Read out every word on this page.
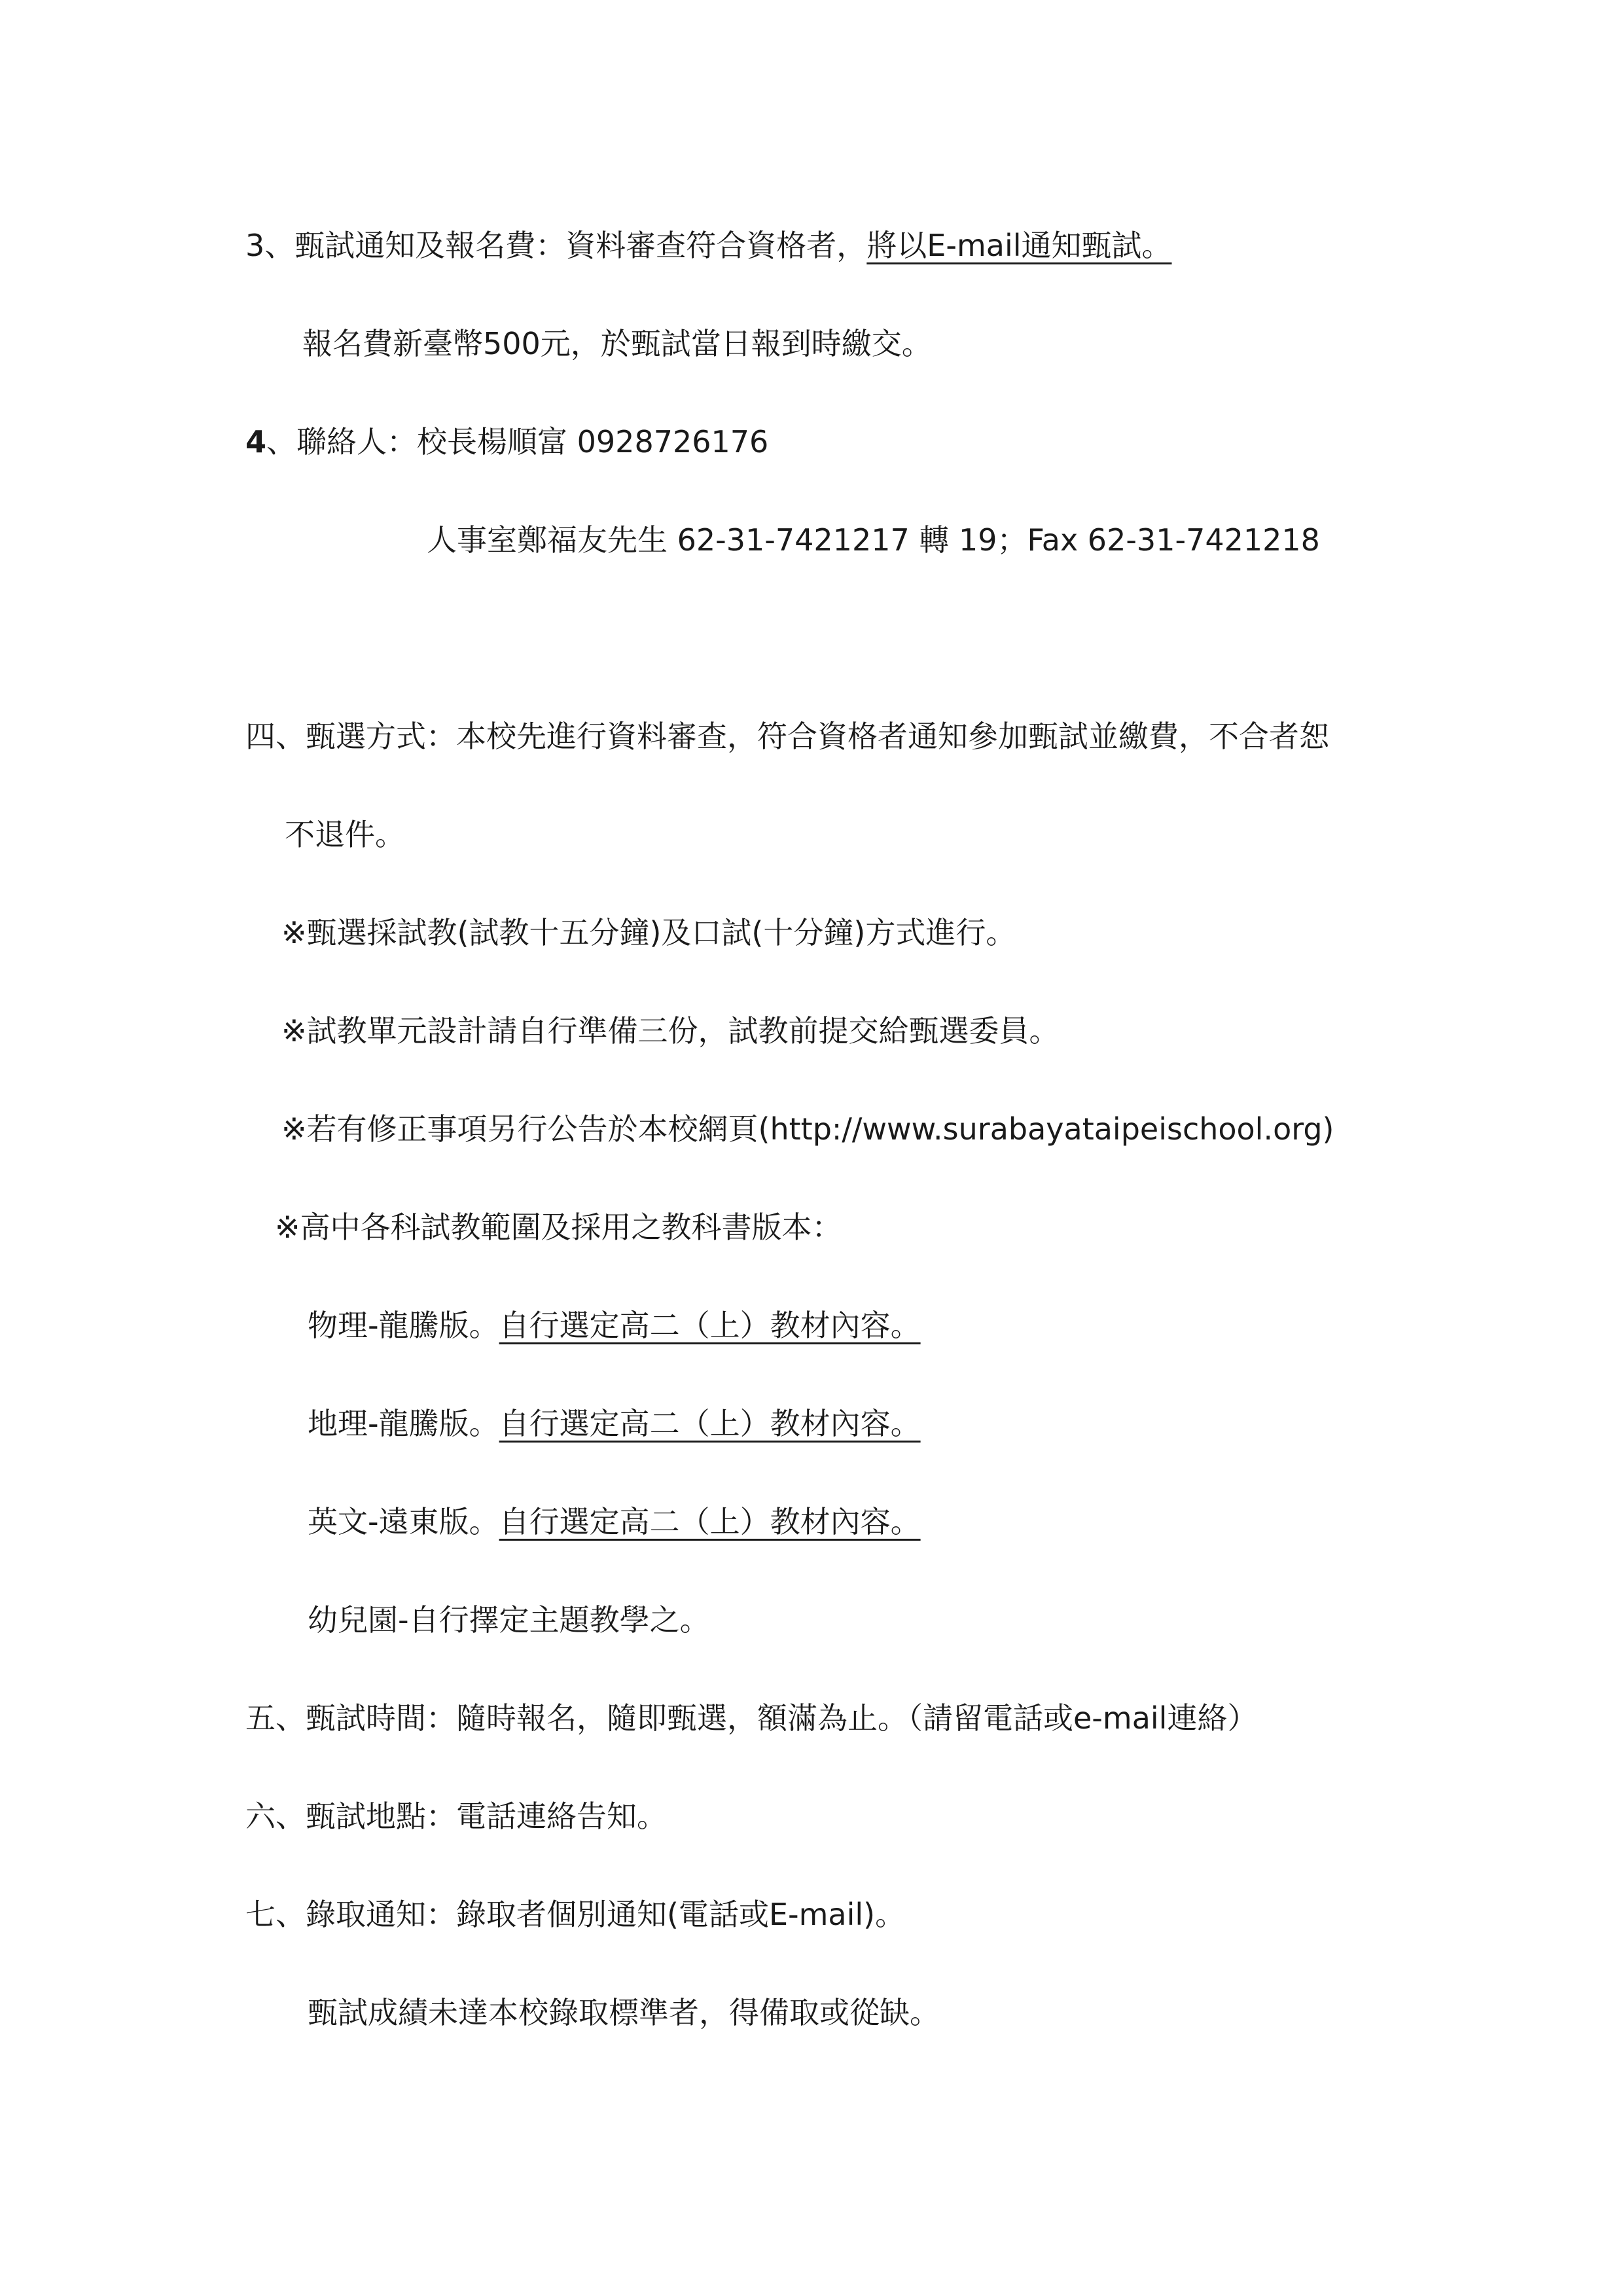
3、甄試通知及報名費：資料審查符合資格者，將以E-mail通知甄試。
報名費新臺幣500元，於甄試當日報到時繳交。
4、聯絡人：校長楊順富 0928726176
人事室鄭福友先生 62-31-7421217 轉 19；Fax 62-31-7421218
四、甄選方式：本校先進行資料審查，符合資格者通知參加甄試並繳費，不合者恕
不退件。
※甄選採試教(試教十五分鐘)及口試(十分鐘)方式進行。
※試教單元設計請自行準備三份，試教前提交給甄選委員。
※若有修正事項另行公告於本校網頁(http://www.surabayataipeischool.org)
※高中各科試教範圍及採用之教科書版本：
物理-龍騰版。自行選定高二（上）教材內容。
地理-龍騰版。自行選定高二（上）教材內容。
英文-遠東版。自行選定高二（上）教材內容。
幼兒園-自行擇定主題教學之。
五、甄試時間：隨時報名，隨即甄選，額滿為止。（請留電話或e-mail連絡）
六、甄試地點：電話連絡告知。
七、錄取通知：錄取者個別通知(電話或E-mail)。
甄試成績未達本校錄取標準者，得備取或從缺。
